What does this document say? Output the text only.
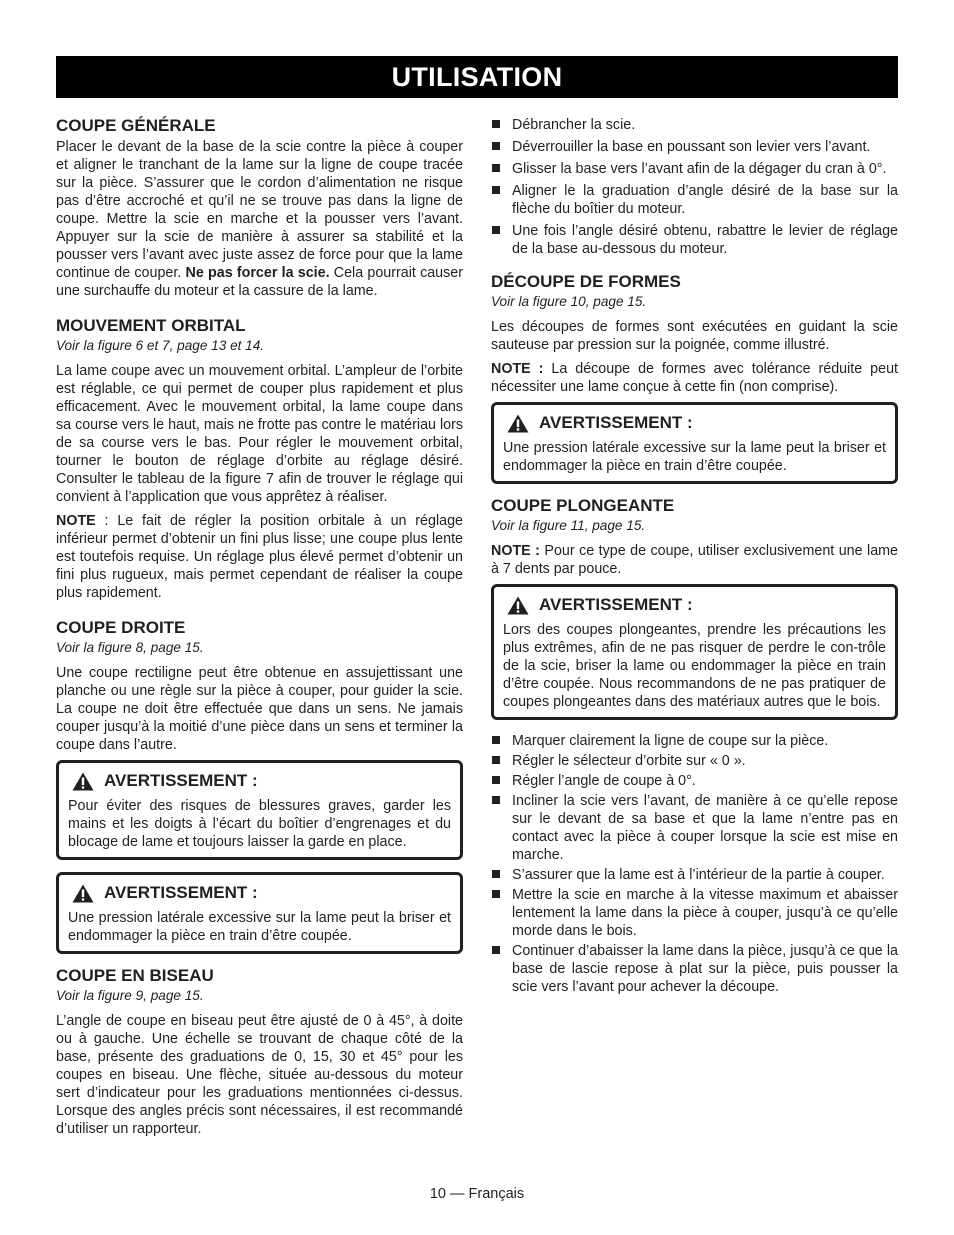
UTILISATION
COUPE GÉNÉRALE

Placer le devant de la base de la scie contre la pièce à couper et aligner le tranchant de la lame sur la ligne de coupe tracée sur la pièce. S’assurer que le cordon d’alimentation ne risque pas d’être accroché et qu’il ne se trouve pas dans la ligne de coupe. Mettre la scie en marche et la pousser vers l’avant. Appuyer sur la scie de manière à assurer sa stabilité et la pousser vers l’avant avec juste assez de force pour que la lame continue de couper. Ne pas forcer la scie. Cela pourrait causer une surchauffe du moteur et la cassure de la lame.

MOUVEMENT ORBITAL
Voir la figure 6 et 7, page 13 et 14.

La lame coupe avec un mouvement orbital. L’ampleur de l’orbite est réglable, ce qui permet de couper plus rapidement et plus efficacement. Avec le mouvement orbital, la lame coupe dans sa course vers le haut, mais ne frotte pas contre le matériau lors de sa course vers le bas. Pour régler le mouvement orbital, tourner le bouton de réglage d’orbite au réglage désiré. Consulter le tableau de la figure 7 afin de trouver le réglage qui convient à l’application que vous apprêtez à réaliser.

NOTE : Le fait de régler la position orbitale à un réglage inférieur permet d’obtenir un fini plus lisse; une coupe plus lente est toutefois requise. Un réglage plus élevé permet d’obtenir un fini plus rugueux, mais permet cependant de réaliser la coupe plus rapidement.

COUPE DROITE
Voir la figure 8, page 15.

Une coupe rectiligne peut être obtenue en assujettissant une planche ou une règle sur la pièce à couper, pour guider la scie. La coupe ne doit être effectuée que dans un sens. Ne jamais couper jusqu’à la moitié d’une pièce dans un sens et terminer la coupe dans l’autre.

AVERTISSEMENT :

Pour éviter des risques de blessures graves, garder les mains et les doigts à l’écart du boîtier d’engrenages et du blocage de lame et toujours laisser la garde en place.

AVERTISSEMENT :

Une pression latérale excessive sur la lame peut la briser et endommager la pièce en train d’être coupée.

COUPE EN BISEAU
Voir la figure 9, page 15.

L’angle de coupe en biseau peut être ajusté de 0 à 45°, à doite ou à gauche. Une échelle se trouvant de chaque côté de la base, présente des graduations de 0, 15, 30 et 45° pour les coupes en biseau. Une flèche, située au-dessous du moteur sert d’indicateur pour les graduations mentionnées ci-dessus. Lorsque des angles précis sont nécessaires, il est recommandé d’utiliser un rapporteur.

Débrancher la scie.
Déverrouiller la base en poussant son levier vers l’avant.
Glisser la base vers l’avant afin de la dégager du cran à 0°.
Aligner le la graduation d’angle désiré de la base sur la flèche du boîtier du moteur.
Une fois l’angle désiré obtenu, rabattre le levier de réglage de la base au-dessous du moteur.
DÉCOUPE DE FORMES
Voir la figure 10, page 15.

Les découpes de formes sont exécutées en guidant la scie sauteuse par pression sur la poignée, comme illustré.

NOTE : La découpe de formes avec tolérance réduite peut nécessiter une lame conçue à cette fin (non comprise).

AVERTISSEMENT :

Une pression latérale excessive sur la lame peut la briser et endommager la pièce en train d’être coupée.

COUPE PLONGEANTE
Voir la figure 11, page 15.

NOTE : Pour ce type de coupe, utiliser exclusivement une lame à 7 dents par pouce.

AVERTISSEMENT :

Lors des coupes plongeantes, prendre les précautions les plus extrêmes, afin de ne pas risquer de perdre le con-trôle de la scie, briser la lame ou endommager la pièce en train d’être coupée. Nous recommandons de ne pas pratiquer de coupes plongeantes dans des matériaux autres que le bois.

Marquer clairement la ligne de coupe sur la pièce.
Régler le sélecteur d’orbite sur « 0 ».
Régler l’angle de coupe à 0°.
Incliner la scie vers l’avant, de manière à ce qu’elle repose sur le devant de sa base et que la lame n’entre pas en contact avec la pièce à couper lorsque la scie est mise en marche.
S’assurer que la lame est à l’intérieur de la partie à couper.
Mettre la scie en marche à la vitesse maximum et abaisser lentement la lame dans la pièce à couper, jusqu’à ce qu’elle morde dans le bois.
Continuer d’abaisser la lame dans la pièce, jusqu’à ce que la base de lascie repose à plat sur la pièce, puis pousser la scie vers l’avant pour achever la découpe.
10 — Français
